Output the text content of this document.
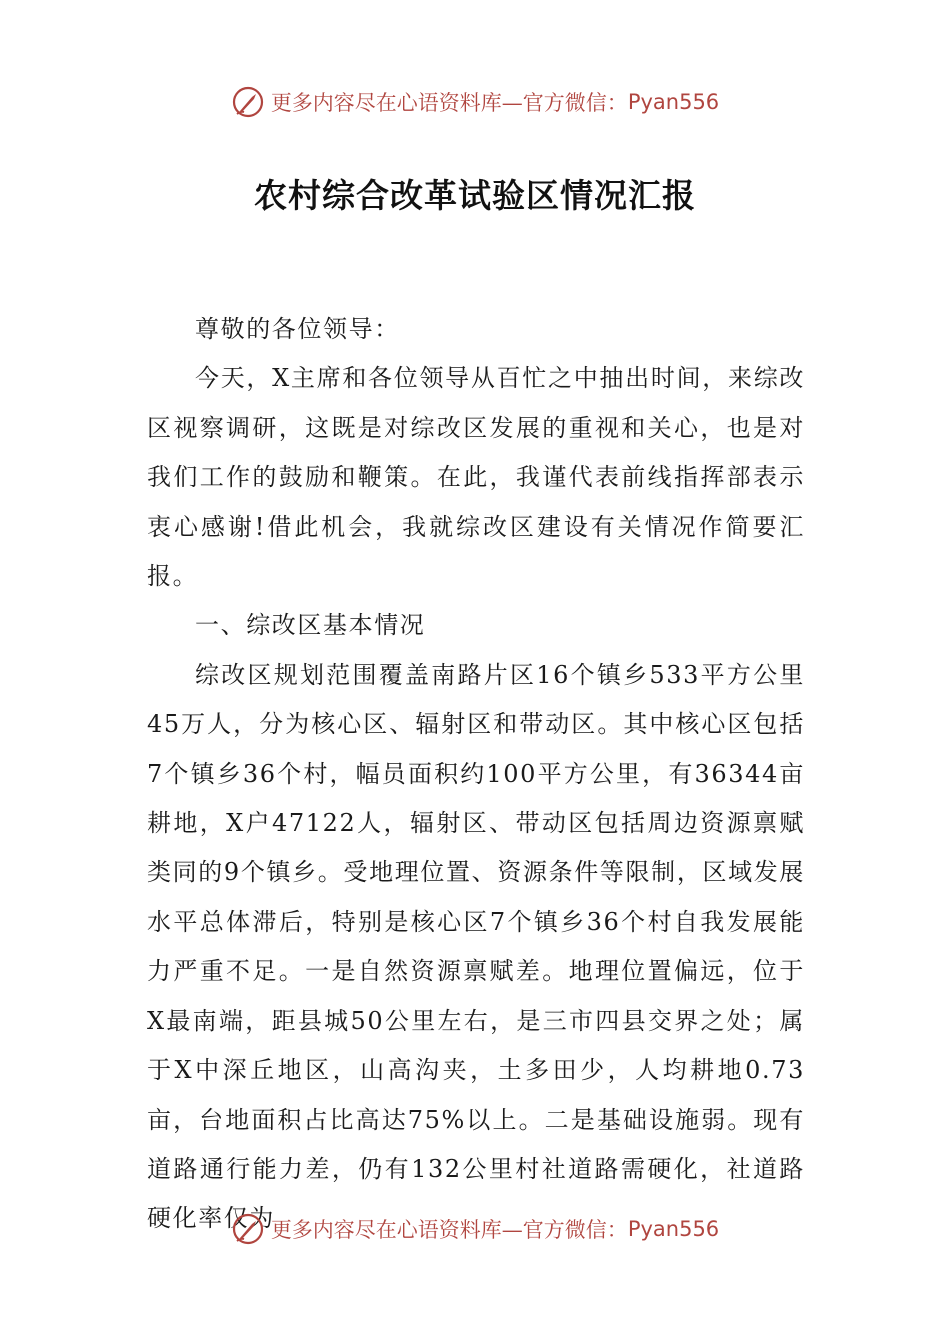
更多内容尽在心语资料库—官方微信： Pyan556
农村综合改革试验区情况汇报

尊敬的各位领导：

今天，X主席和各位领导从百忙之中抽出时间，来综改区视察调研，这既是对综改区发展的重视和关心，也是对我们工作的鼓励和鞭策。在此，我谨代表前线指挥部表示衷心感谢!借此机会，我就综改区建设有关情况作简要汇报。

一、综改区基本情况

综改区规划范围覆盖南路片区16个镇乡533平方公里45万人，分为核心区、辐射区和带动区。其中核心区包括7个镇乡36个村，幅员面积约100平方公里，有36344亩耕地，X户47122人，辐射区、带动区包括周边资源禀赋类同的9个镇乡。受地理位置、资源条件等限制，区域发展水平总体滞后，特别是核心区7个镇乡36个村自我发展能力严重不足。一是自然资源禀赋差。地理位置偏远，位于X最南端，距县城50公里左右，是三市四县交界之处；属于X中深丘地区，山高沟夹，土多田少，人均耕地0.73亩，台地面积占比高达75%以上。二是基础设施弱。现有道路通行能力差，仍有132公里村社道路需硬化，社道路硬化率仅为

更多内容尽在心语资料库—官方微信： Pyan556
